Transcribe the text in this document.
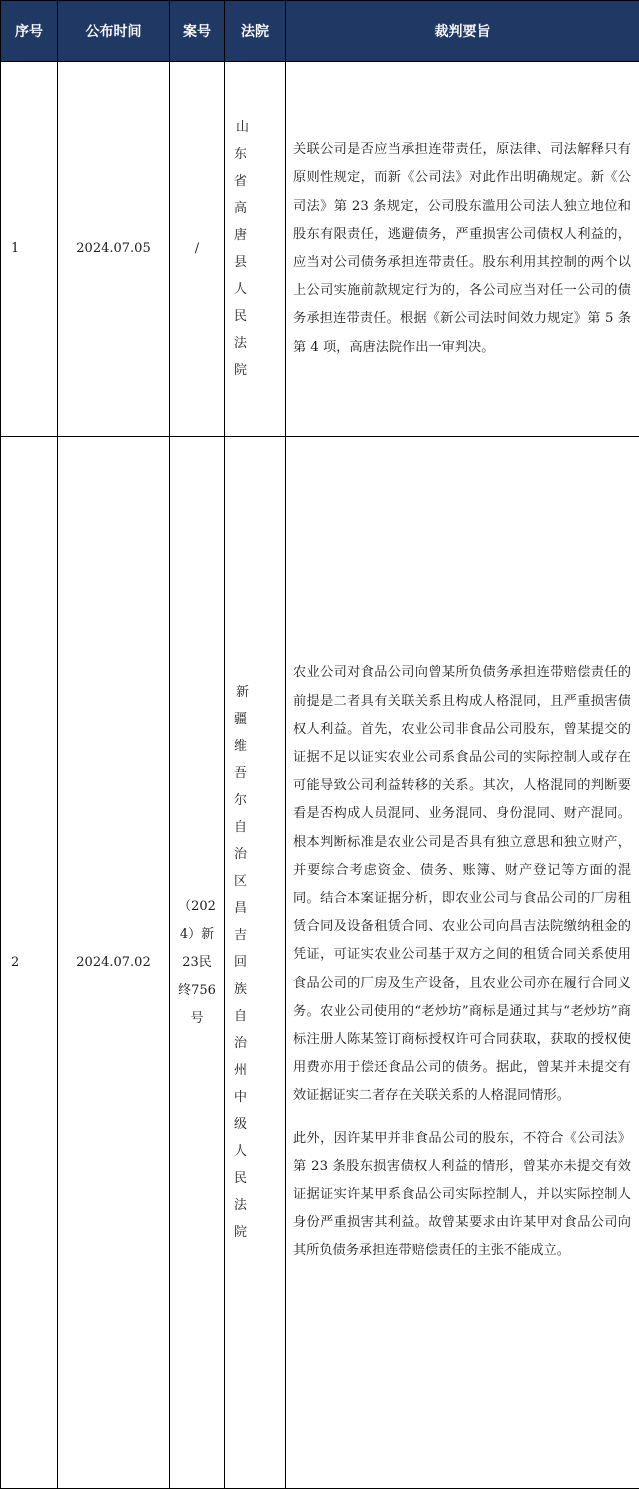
序号	公布时间	案号	法院	裁判要旨
1	2024.07.05	/	山东省高唐县人民法院	关联公司是否应当承担连带责任，原法律、司法解释只有原则性规定，而新《公司法》对此作出明确规定。新《公司法》第 23 条规定，公司股东滥用公司法人独立地位和股东有限责任，逃避债务，严重损害公司债权人利益的，应当对公司债务承担连带责任。股东利用其控制的两个以上公司实施前款规定行为的，各公司应当对任一公司的债务承担连带责任。根据《新公司法时间效力规定》第 5 条第 4 项，高唐法院作出一审判决。

2	2024.07.02	（2024）新23民终756号	新疆维吾尔自治区昌吉回族自治州中级人民法院	农业公司对食品公司向曾某所负债务承担连带赔偿责任的前提是二者具有关联关系且构成人格混同，且严重损害债权人利益。首先，农业公司非食品公司股东，曾某提交的证据不足以证实农业公司系食品公司的实际控制人或存在可能导致公司利益转移的关系。其次，人格混同的判断要看是否构成人员混同、业务混同、身份混同、财产混同。根本判断标准是农业公司是否具有独立意思和独立财产，并要综合考虑资金、债务、账簿、财产登记等方面的混同。结合本案证据分析，即农业公司与食品公司的厂房租赁合同及设备租赁合同、农业公司向昌吉法院缴纳租金的凭证，可证实农业公司基于双方之间的租赁合同关系使用食品公司的厂房及生产设备，且农业公司亦在履行合同义务。农业公司使用的“老炒坊”商标是通过其与“老炒坊”商标注册人陈某签订商标授权许可合同获取，获取的授权使用费亦用于偿还食品公司的债务。据此，曾某并未提交有效证据证实二者存在关联关系的人格混同情形。

此外，因许某甲并非食品公司的股东，不符合《公司法》第 23 条股东损害债权人利益的情形，曾某亦未提交有效证据证实许某甲系食品公司实际控制人，并以实际控制人身份严重损害其利益。故曾某要求由许某甲对食品公司向其所负债务承担连带赔偿责任的主张不能成立。
